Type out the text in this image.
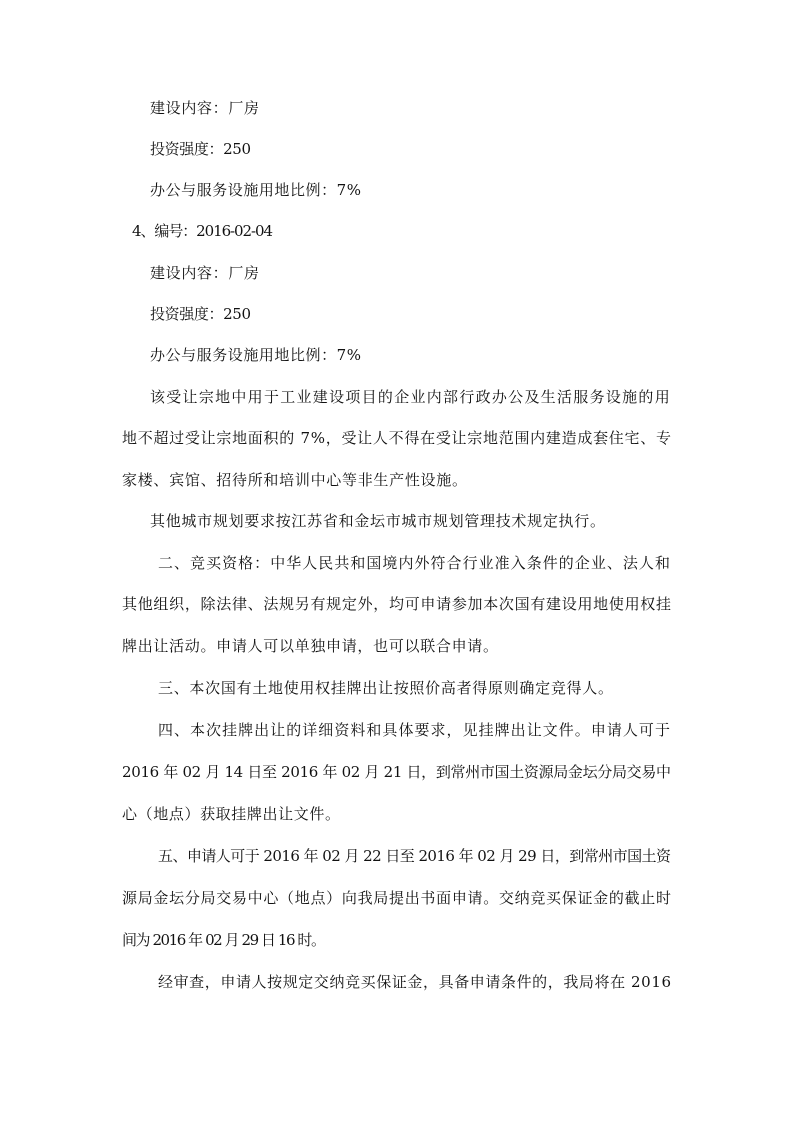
建设内容：厂房
投资强度：250
办公与服务设施用地比例：7%
4、编号：2016-02-04
建设内容：厂房
投资强度：250
办公与服务设施用地比例：7%
该受让宗地中用于工业建设项目的企业内部行政办公及生活服务设施的用
地不超过受让宗地面积的 7%，受让人不得在受让宗地范围内建造成套住宅、专
家楼、宾馆、招待所和培训中心等非生产性设施。
其他城市规划要求按江苏省和金坛市城市规划管理技术规定执行。
二、竞买资格：中华人民共和国境内外符合行业准入条件的企业、法人和
其他组织，除法律、法规另有规定外，均可申请参加本次国有建设用地使用权挂
牌出让活动。申请人可以单独申请，也可以联合申请。
三、本次国有土地使用权挂牌出让按照价高者得原则确定竞得人。
四、本次挂牌出让的详细资料和具体要求，见挂牌出让文件。申请人可于
2016 年 02 月 14 日至 2016 年 02 月 21 日，到常州市国土资源局金坛分局交易中
心（地点）获取挂牌出让文件。
五、申请人可于 2016 年 02 月 22 日至 2016 年 02 月 29 日，到常州市国土资
源局金坛分局交易中心（地点）向我局提出书面申请。交纳竞买保证金的截止时
间为 2016 年 02 月 29 日 16 时。
经审查，申请人按规定交纳竞买保证金，具备申请条件的，我局将在 2016
